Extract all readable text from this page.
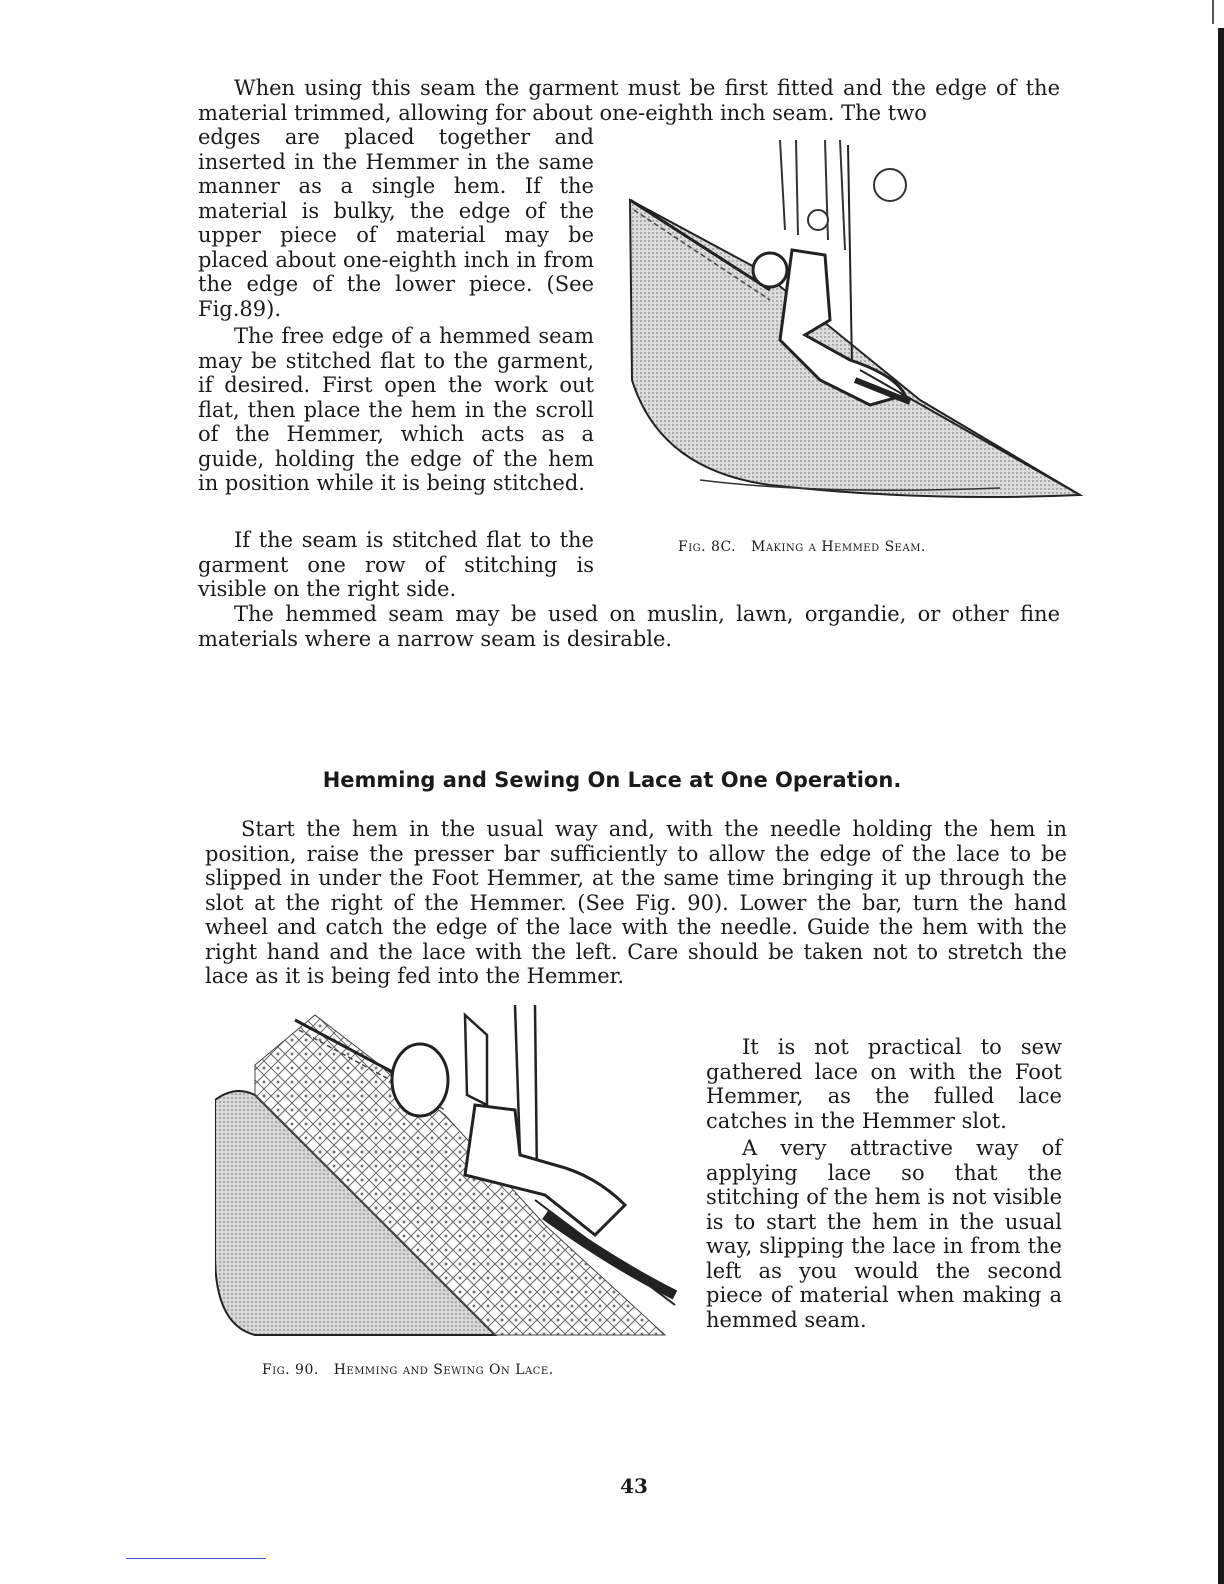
When using this seam the garment must be first fitted and the edge of the material trimmed, allowing for about one-eighth inch seam. The two

edges are placed together and inserted in the Hemmer in the same manner as a single hem. If the material is bulky, the edge of the upper piece of material may be placed about one-eighth inch in from the edge of the lower piece. (See Fig.89).

The free edge of a hemmed seam may be stitched flat to the garment, if desired. First open the work out flat, then place the hem in the scroll of the Hemmer, which acts as a guide, holding the edge of the hem in position while it is being stitched.

If the seam is stitched flat to the garment one row of stitching is visible on the right side.

The hemmed seam may be used on muslin, lawn, organdie, or other fine materials where a narrow seam is desirable.

Fig. 8C. Making a Hemmed Seam.

Hemming and Sewing On Lace at One Operation.

Start the hem in the usual way and, with the needle holding the hem in position, raise the presser bar sufficiently to allow the edge of the lace to be slipped in under the Foot Hemmer, at the same time bringing it up through the slot at the right of the Hemmer. (See Fig. 90). Lower the bar, turn the hand wheel and catch the edge of the lace with the needle. Guide the hem with the right hand and the lace with the left. Care should be taken not to stretch the lace as it is being fed into the Hemmer.

Fig. 90. Hemming and Sewing On Lace.

It is not practical to sew gathered lace on with the Foot Hemmer, as the fulled lace catches in the Hemmer slot.

A very attractive way of applying lace so that the stitching of the hem is not visible is to start the hem in the usual way, slipping the lace in from the left as you would the second piece of material when making a hemmed seam.

43
